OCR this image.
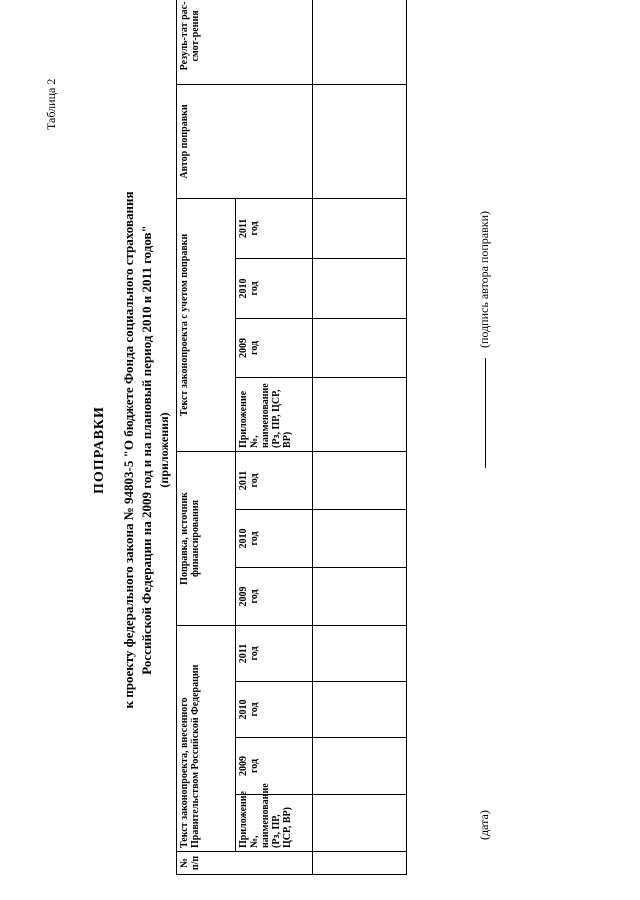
Таблица 2
ПОПРАВКИ к проекту федерального закона № 94803-5 "О бюджете Фонда социального страхования Российской Федерации на 2009 год и на плановый период 2010 и 2011 годов" (приложения)
№ п/п	Текст законопроекта, внесенного Правительством Российской Федерации				Поправка, источник финансирования			Текст законопроекта с учетом поправки				Автор поправки	Резуль-тат рас-смот-рения
	Приложение №, наименование (Рз, ПР, ЦСР, ВР)	2009 год	2010 год	2011 год	2009 год	2010 год	2011 год	Приложение №, наименование (Рз, ПР, ЦСР, ВР)	2009 год	2010 год	2011 год		

(дата)
(подпись автора поправки)
